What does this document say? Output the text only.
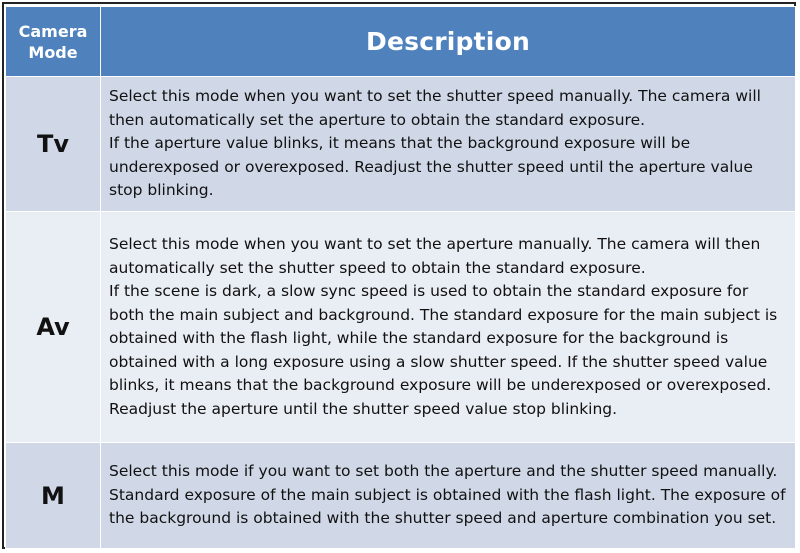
Camera
Mode	Description
Tv	Select this mode when you want to set the shutter speed manually. The camera will then automatically set the aperture to obtain the standard exposure.

If the aperture value blinks, it means that the background exposure will be underexposed or overexposed. Readjust the shutter speed until the aperture value stop blinking.

Av	Select this mode when you want to set the aperture manually. The camera will then automatically set the shutter speed to obtain the standard exposure.

If the scene is dark, a slow sync speed is used to obtain the standard exposure for both the main subject and background. The standard exposure for the main subject is obtained with the flash light, while the standard exposure for the background is obtained with a long exposure using a slow shutter speed. If the shutter speed value blinks, it means that the background exposure will be underexposed or overexposed. Readjust the aperture until the shutter speed value stop blinking.

M	Select this mode if you want to set both the aperture and the shutter speed manually. Standard exposure of the main subject is obtained with the flash light. The exposure of the background is obtained with the shutter speed and aperture combination you set.
